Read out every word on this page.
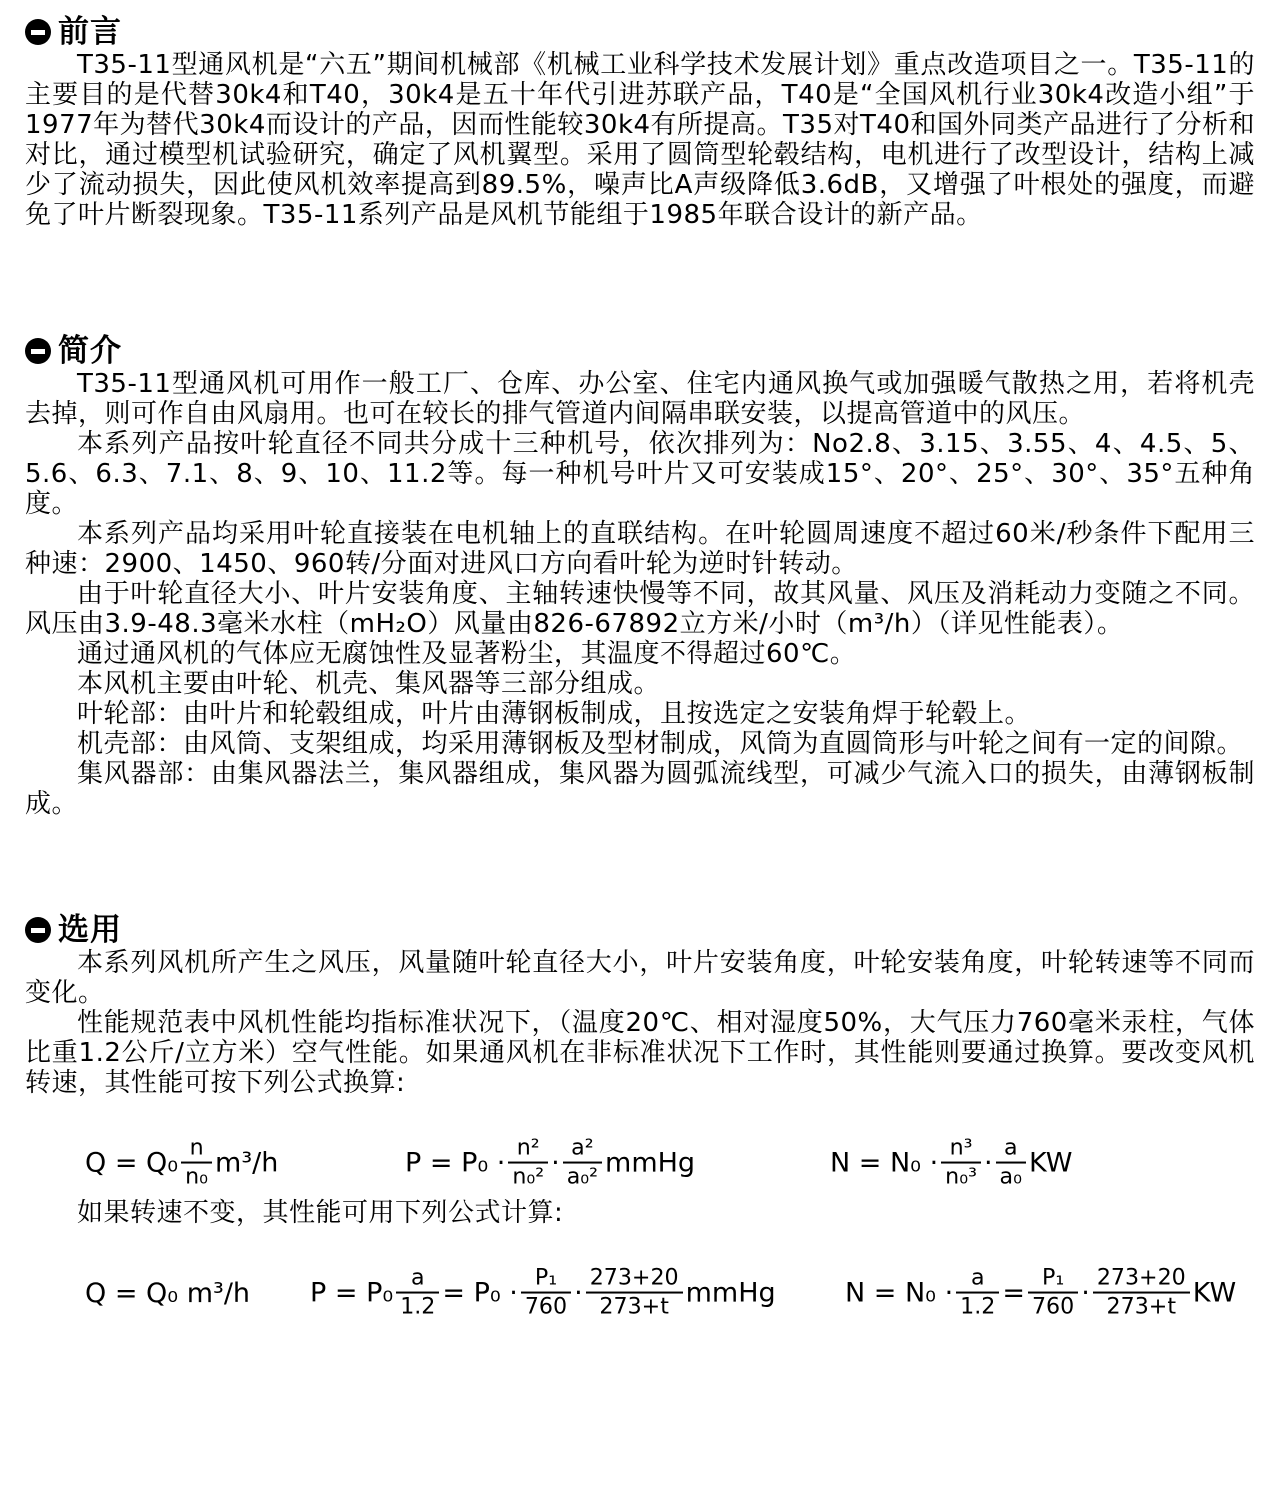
前言

T35-11型通风机是“六五”期间机械部《机械工业科学技术发展计划》重点改造项目之一。T35-11的主要目的是代替30k4和T40，30k4是五十年代引进苏联产品，T40是“全国风机行业30k4改造小组”于1977年为替代30k4而设计的产品，因而性能较30k4有所提高。T35对T40和国外同类产品进行了分析和对比，通过模型机试验研究，确定了风机翼型。采用了圆筒型轮毂结构，电机进行了改型设计，结构上减少了流动损失，因此使风机效率提高到89.5%，噪声比A声级降低3.6dB，又增强了叶根处的强度，而避免了叶片断裂现象。T35-11系列产品是风机节能组于1985年联合设计的新产品。

简介

T35-11型通风机可用作一般工厂、仓库、办公室、住宅内通风换气或加强暖气散热之用，若将机壳去掉，则可作自由风扇用。也可在较长的排气管道内间隔串联安装，以提高管道中的风压。

本系列产品按叶轮直径不同共分成十三种机号，依次排列为：No2.8、3.15、3.55、4、4.5、5、5.6、6.3、7.1、8、9、10、11.2等。每一种机号叶片又可安装成15°、20°、25°、30°、35°五种角度。

本系列产品均采用叶轮直接装在电机轴上的直联结构。在叶轮圆周速度不超过60米/秒条件下配用三种速：2900、1450、960转/分面对进风口方向看叶轮为逆时针转动。

由于叶轮直径大小、叶片安装角度、主轴转速快慢等不同，故其风量、风压及消耗动力变随之不同。风压由3.9-48.3毫米水柱（mH₂O）风量由826-67892立方米/小时（m³/h）（详见性能表）。

通过通风机的气体应无腐蚀性及显著粉尘，其温度不得超过60℃。

本风机主要由叶轮、机壳、集风器等三部分组成。

叶轮部：由叶片和轮毂组成，叶片由薄钢板制成，且按选定之安装角焊于轮毂上。

机壳部：由风筒、支架组成，均采用薄钢板及型材制成，风筒为直圆筒形与叶轮之间有一定的间隙。

集风器部：由集风器法兰，集风器组成，集风器为圆弧流线型，可减少气流入口的损失，由薄钢板制成。

选用

本系列风机所产生之风压，风量随叶轮直径大小，叶片安装角度，叶轮安装角度，叶轮转速等不同而变化。

性能规范表中风机性能均指标准状况下，（温度20℃、相对湿度50%，大气压力760毫米汞柱，气体比重1.2公斤/立方米）空气性能。如果通风机在非标准状况下工作时，其性能则要通过换算。要改变风机转速，其性能可按下列公式换算:

$Q = Q_0 \frac{n}{\text{n₀}} m^3/h$	$P = P_0 \cdot \frac{\text{n²}}{\text{n₀²}} \cdot \frac{\text{a²}}{\text{a₀²}}$ mmHg	$N = N_0 \cdot \frac{\text{n³}}{\text{n₀³}} \cdot \frac{a}{\text{a₀}}$ KW

如果转速不变，其性能可用下列公式计算:

Q = Q₀ m³/h $P = P_0 \frac{a}{1.2} = P_0 \cdot \frac{\text{P₁}}{760} \cdot \frac{273+20}{273+t}$ mmHg	$N = N_0 \cdot \frac{a}{1.2} = \frac{\text{P₁}}{760} \cdot \frac{273+20}{273+t}$ KW
